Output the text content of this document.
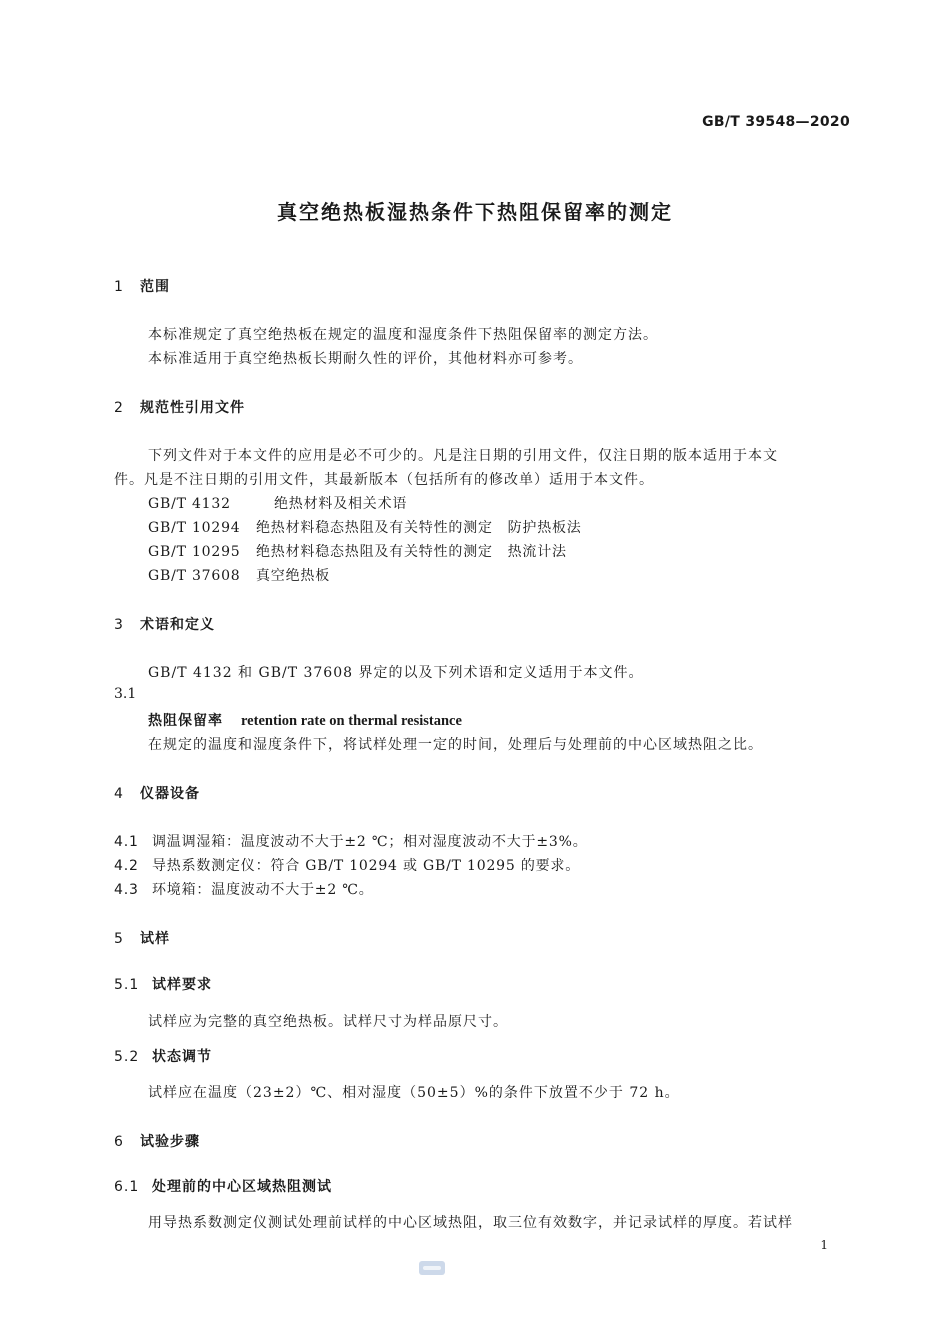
GB/T 39548—2020
真空绝热板湿热条件下热阻保留率的测定
1 范围
本标准规定了真空绝热板在规定的温度和湿度条件下热阻保留率的测定方法。
本标准适用于真空绝热板长期耐久性的评价，其他材料亦可参考。
2 规范性引用文件
下列文件对于本文件的应用是必不可少的。凡是注日期的引用文件，仅注日期的版本适用于本文
件。凡是不注日期的引用文件，其最新版本（包括所有的修改单）适用于本文件。
GB/T 4132	绝热材料及相关术语
GB/T 10294 绝热材料稳态热阻及有关特性的测定　防护热板法
GB/T 10295 绝热材料稳态热阻及有关特性的测定　热流计法
GB/T 37608 真空绝热板
3 术语和定义
GB/T 4132 和 GB/T 37608 界定的以及下列术语和定义适用于本文件。
3.1
热阻保留率 retention rate on thermal resistance
在规定的温度和湿度条件下，将试样处理一定的时间，处理后与处理前的中心区域热阻之比。
4 仪器设备
4.1 调温调湿箱：温度波动不大于±2 ℃；相对湿度波动不大于±3%。
4.2 导热系数测定仪：符合 GB/T 10294 或 GB/T 10295 的要求。
4.3 环境箱：温度波动不大于±2 ℃。
5 试样
5.1 试样要求
试样应为完整的真空绝热板。试样尺寸为样品原尺寸。
5.2 状态调节
试样应在温度（23±2）℃、相对湿度（50±5）%的条件下放置不少于 72 h。
6 试验步骤
6.1 处理前的中心区域热阻测试
用导热系数测定仪测试处理前试样的中心区域热阻，取三位有效数字，并记录试样的厚度。若试样
1
